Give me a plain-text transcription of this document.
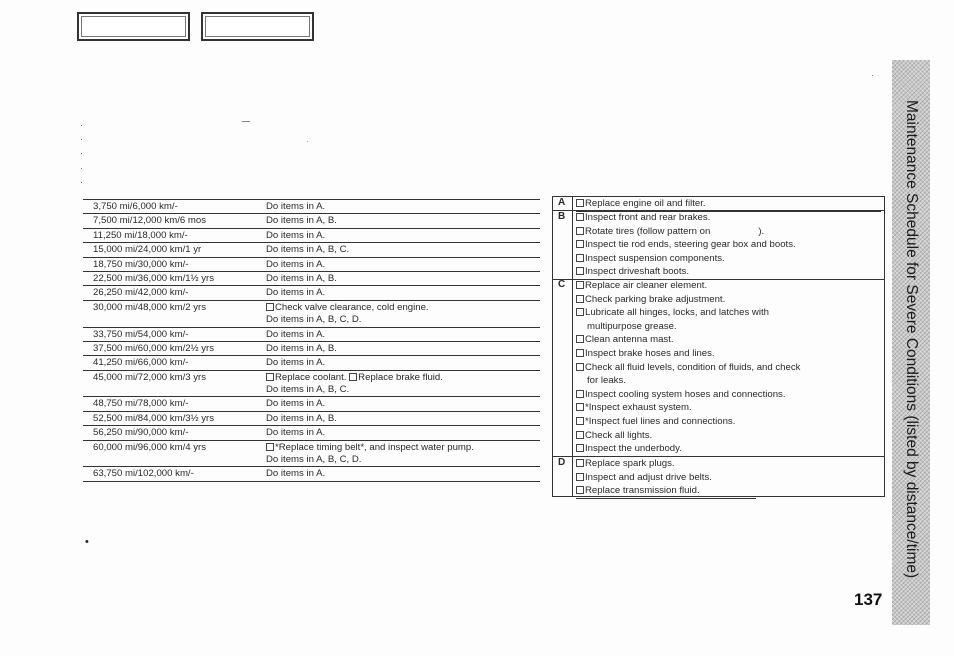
·
·
·
·
·
·
·
3,750 mi/6,000 km/-	Do items in A.
7,500 mi/12,000 km/6 mos	Do items in A, B.
11,250 mi/18,000 km/-	Do items in A.
15,000 mi/24,000 km/1 yr	Do items in A, B, C.
18,750 mi/30,000 km/-	Do items in A.
22,500 mi/36,000 km/1½ yrs	Do items in A, B.
26,250 mi/42,000 km/-	Do items in A.
30,000 mi/48,000 km/2 yrs	Check valve clearance, cold engine.
Do items in A, B, C, D.
33,750 mi/54,000 km/-	Do items in A.
37,500 mi/60,000 km/2½ yrs	Do items in A, B.
41,250 mi/66,000 km/-	Do items in A.
45,000 mi/72,000 km/3 yrs	Replace coolant. Replace brake fluid.
Do items in A, B, C.
48,750 mi/78,000 km/-	Do items in A.
52,500 mi/84,000 km/3½ yrs	Do items in A, B.
56,250 mi/90,000 km/-	Do items in A.
60,000 mi/96,000 km/4 yrs	*Replace timing belt*, and inspect water pump.
Do items in A, B, C, D.
63,750 mi/102,000 km/-	Do items in A.
A	Replace engine oil and filter.
B	Inspect front and rear brakes.
Rotate tires (follow pattern on	).
Inspect tie rod ends, steering gear box and boots.
Inspect suspension components.
Inspect driveshaft boots.
C	Replace air cleaner element.
Check parking brake adjustment.
Lubricate all hinges, locks, and latches with
multipurpose grease.
Clean antenna mast.
Inspect brake hoses and lines.
Check all fluid levels, condition of fluids, and check
for leaks.
Inspect cooling system hoses and connections.
*Inspect exhaust system.
*Inspect fuel lines and connections.
Check all lights.
Inspect the underbody.
D	Replace spark plugs.
Inspect and adjust drive belts.
Replace transmission fluid.
•	Maintenance Schedule for Severe Conditions (listed by distance/time)
137
